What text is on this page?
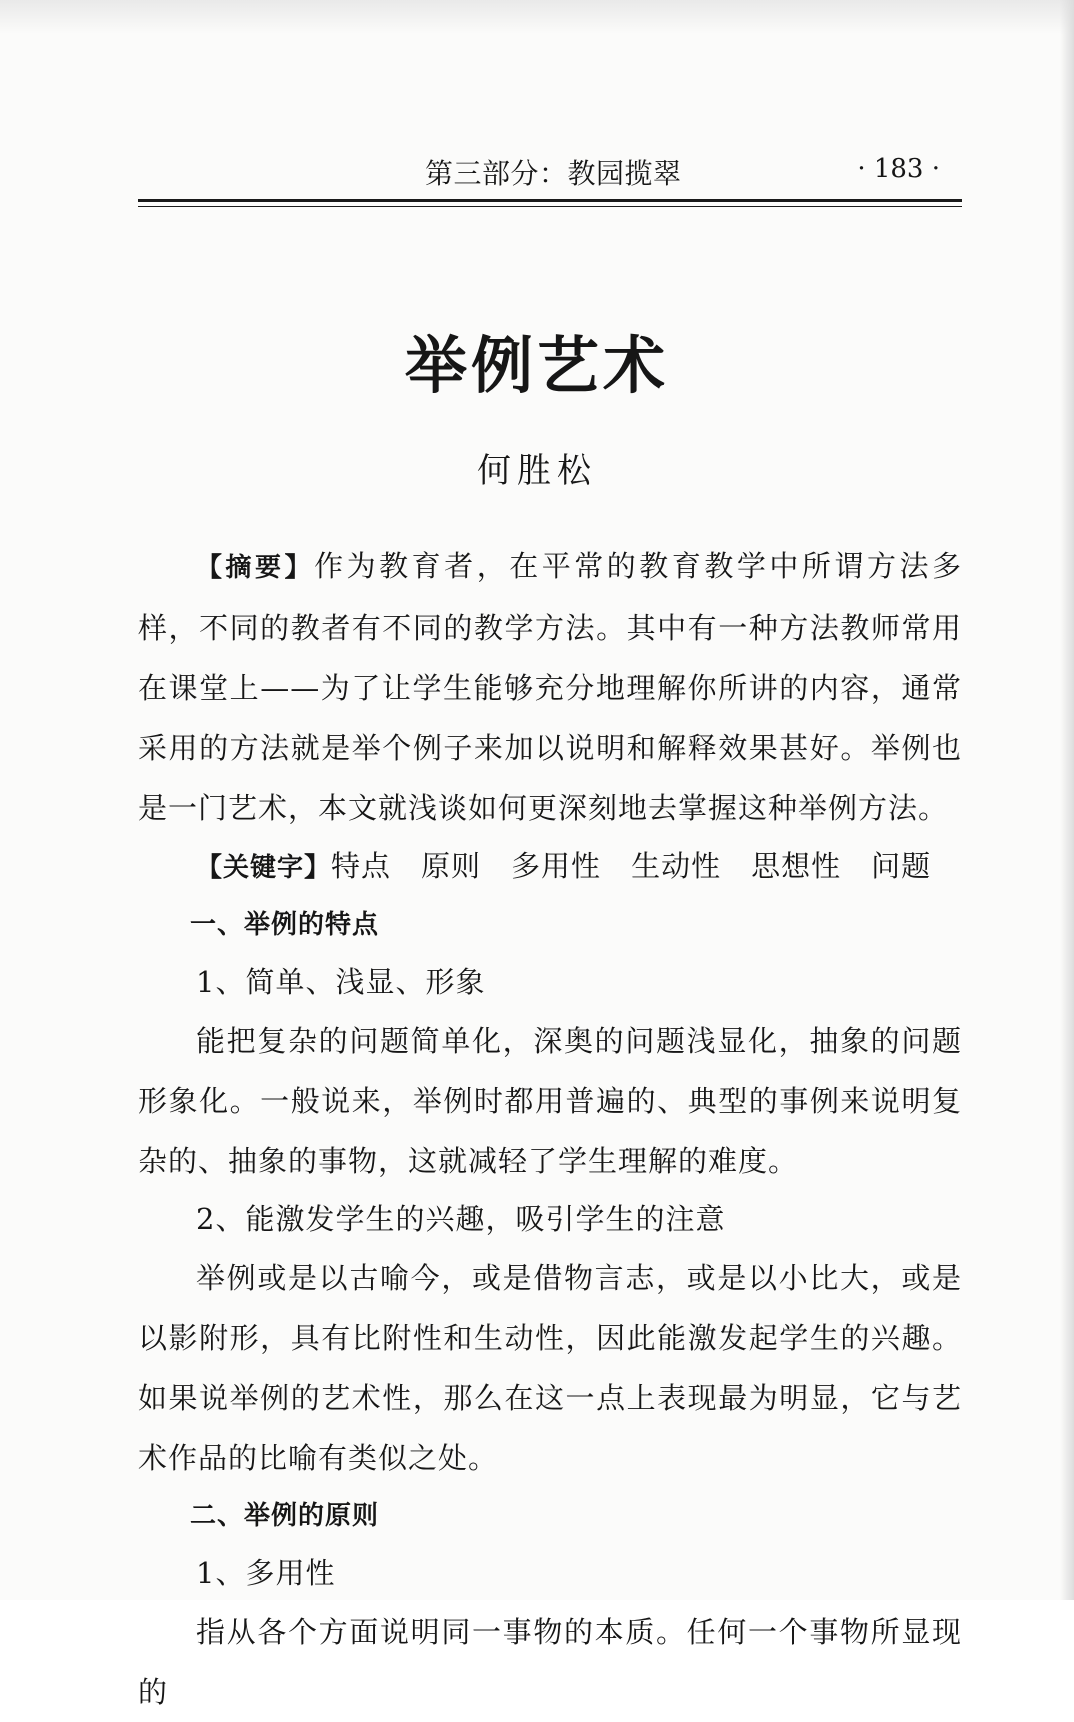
第三部分：教园揽翠	· 183 ·
举例艺术
何胜松

【摘要】作为教育者，在平常的教育教学中所谓方法多样，不同的教者有不同的教学方法。其中有一种方法教师常用在课堂上——为了让学生能够充分地理解你所讲的内容，通常采用的方法就是举个例子来加以说明和解释效果甚好。举例也是一门艺术，本文就浅谈如何更深刻地去掌握这种举例方法。

【关键字】特点 原则 多用性 生动性 思想性 问题

一、举例的特点

1、简单、浅显、形象

能把复杂的问题简单化，深奥的问题浅显化，抽象的问题形象化。一般说来，举例时都用普遍的、典型的事例来说明复杂的、抽象的事物，这就减轻了学生理解的难度。

2、能激发学生的兴趣，吸引学生的注意

举例或是以古喻今，或是借物言志，或是以小比大，或是以影附形，具有比附性和生动性，因此能激发起学生的兴趣。如果说举例的艺术性，那么在这一点上表现最为明显，它与艺术作品的比喻有类似之处。

二、举例的原则

1、多用性

指从各个方面说明同一事物的本质。任何一个事物所显现的
